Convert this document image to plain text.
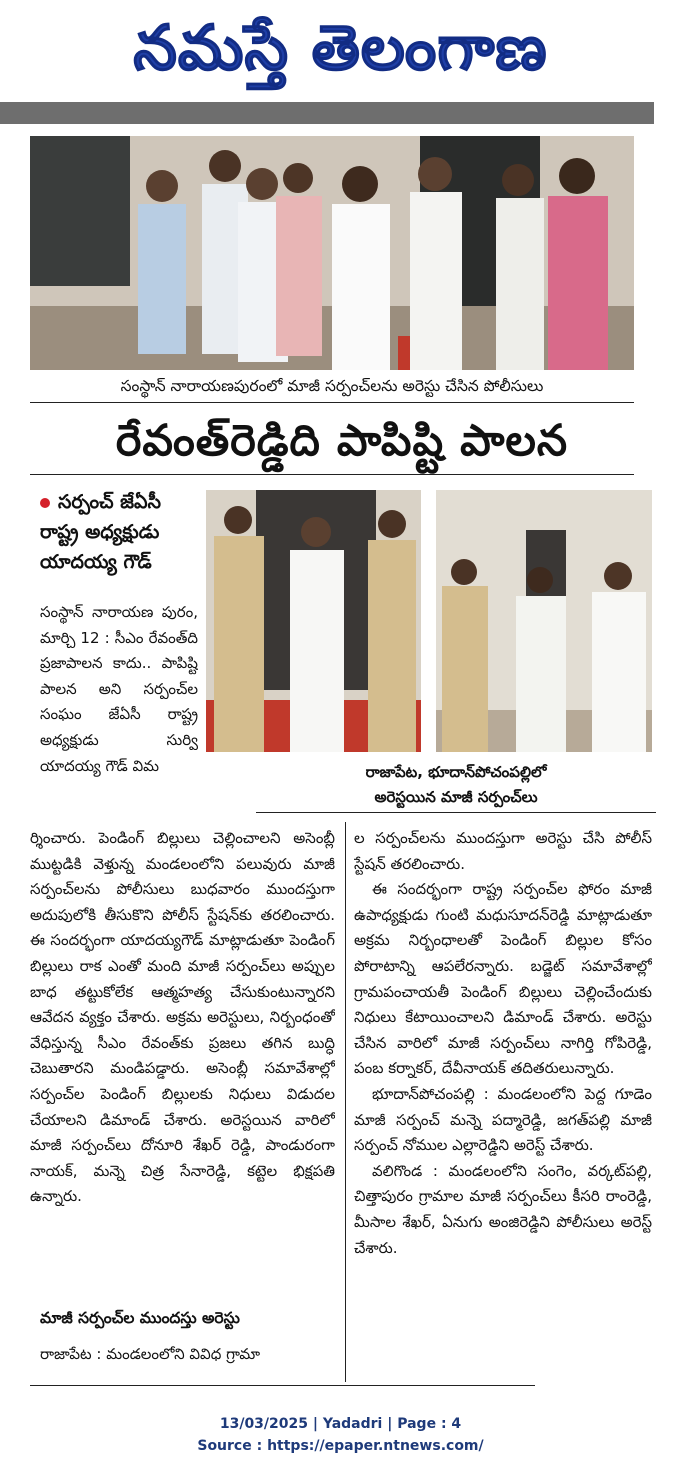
నమస్తే తెలంగాణ
సంస్థాన్‌ నారాయణపురంలో మాజీ సర్పంచ్‌లను అరెస్టు చేసిన పోలీసులు
రేవంత్‌రెడ్డిది పాపిష్టి పాలన
సర్పంచ్‌ జేఏసీ
రాష్ట్ర అధ్యక్షుడు
యాదయ్య గౌడ్‌
రాజాపేట, భూదాన్‌పోచంపల్లిలో
అరెస్టయిన మాజీ సర్పంచ్‌లు
సంస్థాన్‌ నారాయణ పురం, మార్చి 12 : సీఎం రేవంత్‌ది ప్రజాపాలన కాదు.. పాపిష్టి పాలన అని సర్పంచ్‌ల సంఘం జేఏసీ రాష్ట్ర అధ్యక్షుడు సుర్వి యాదయ్య గౌడ్‌ విమ
ర్శించారు. పెండింగ్‌ బిల్లులు చెల్లించాలని అసెంబ్లీ ముట్టడికి వెళ్తున్న మండలంలోని పలువురు మాజీ సర్పంచ్‌లను పోలీసులు బుధవారం ముందస్తుగా అదుపులోకి తీసుకొని పోలీస్‌ స్టేషన్‌కు తరలించారు. ఈ సందర్భంగా యాదయ్యగౌడ్‌ మాట్లాడుతూ పెండింగ్‌ బిల్లులు రాక ఎంతో మంది మాజీ సర్పంచ్‌లు అప్పుల బాధ తట్టుకోలేక ఆత్మహత్య చేసుకుంటున్నారని ఆవేదన వ్యక్తం చేశారు. అక్రమ అరెస్టులు, నిర్బంధంతో వేధిస్తున్న సీఎం రేవంత్‌కు ప్రజలు తగిన బుద్ధి చెబుతారని మండిపడ్డారు. అసెంబ్లీ సమావేశాల్లో సర్పంచ్‌ల పెండింగ్‌ బిల్లులకు నిధులు విడుదల చేయాలని డిమాండ్‌ చేశారు. అరెస్టయిన వారిలో మాజీ సర్పంచ్‌లు దోనూరి శేఖర్‌ రెడ్డి, పాండురంగా నాయక్‌, మన్నె చిత్ర సేనారెడ్డి, కట్టెల భిక్షపతి ఉన్నారు.
మాజీ సర్పంచ్‌ల ముందస్తు అరెస్టు
రాజాపేట : మండలంలోని వివిధ గ్రామా

ల సర్పంచ్‌లను ముందస్తుగా అరెస్టు చేసి పోలీస్‌ స్టేషన్‌ తరలించారు.

ఈ సందర్భంగా రాష్ట్ర సర్పంచ్‌ల ఫోరం మాజీ ఉపాధ్యక్షుడు గుంటి మధుసూదన్‌రెడ్డి మాట్లాడుతూ అక్రమ నిర్బంధాలతో పెండింగ్‌ బిల్లుల కోసం పోరాటాన్ని ఆపలేరన్నారు. బడ్జెట్‌ సమావేశాల్లో గ్రామపంచాయతీ పెండింగ్‌ బిల్లులు చెల్లించేందుకు నిధులు కేటాయించాలని డిమాండ్‌ చేశారు. అరెస్టు చేసిన వారిలో మాజీ సర్పంచ్‌లు నాగిర్తి గోపిరెడ్డి, పంబ కర్నాకర్‌, దేవీనాయక్‌ తదితరులున్నారు.

భూదాన్‌పోచంపల్లి : మండలంలోని పెద్ద గూడెం మాజీ సర్పంచ్‌ మన్నె పద్మారెడ్డి, జగత్‌పల్లి మాజీ సర్పంచ్‌ నోముల ఎల్లారెడ్డిని అరెస్ట్‌ చేశారు.

వలిగొండ : మండలంలోని సంగెం, వర్కట్‌పల్లి, చిత్తాపురం గ్రామాల మాజీ సర్పంచ్‌లు కీసరి రాంరెడ్డి, మీసాల శేఖర్‌, ఏనుగు అంజిరెడ్డిని పోలీసులు అరెస్ట్‌ చేశారు.

13/03/2025 | Yadadri | Page : 4
Source : https://epaper.ntnews.com/
